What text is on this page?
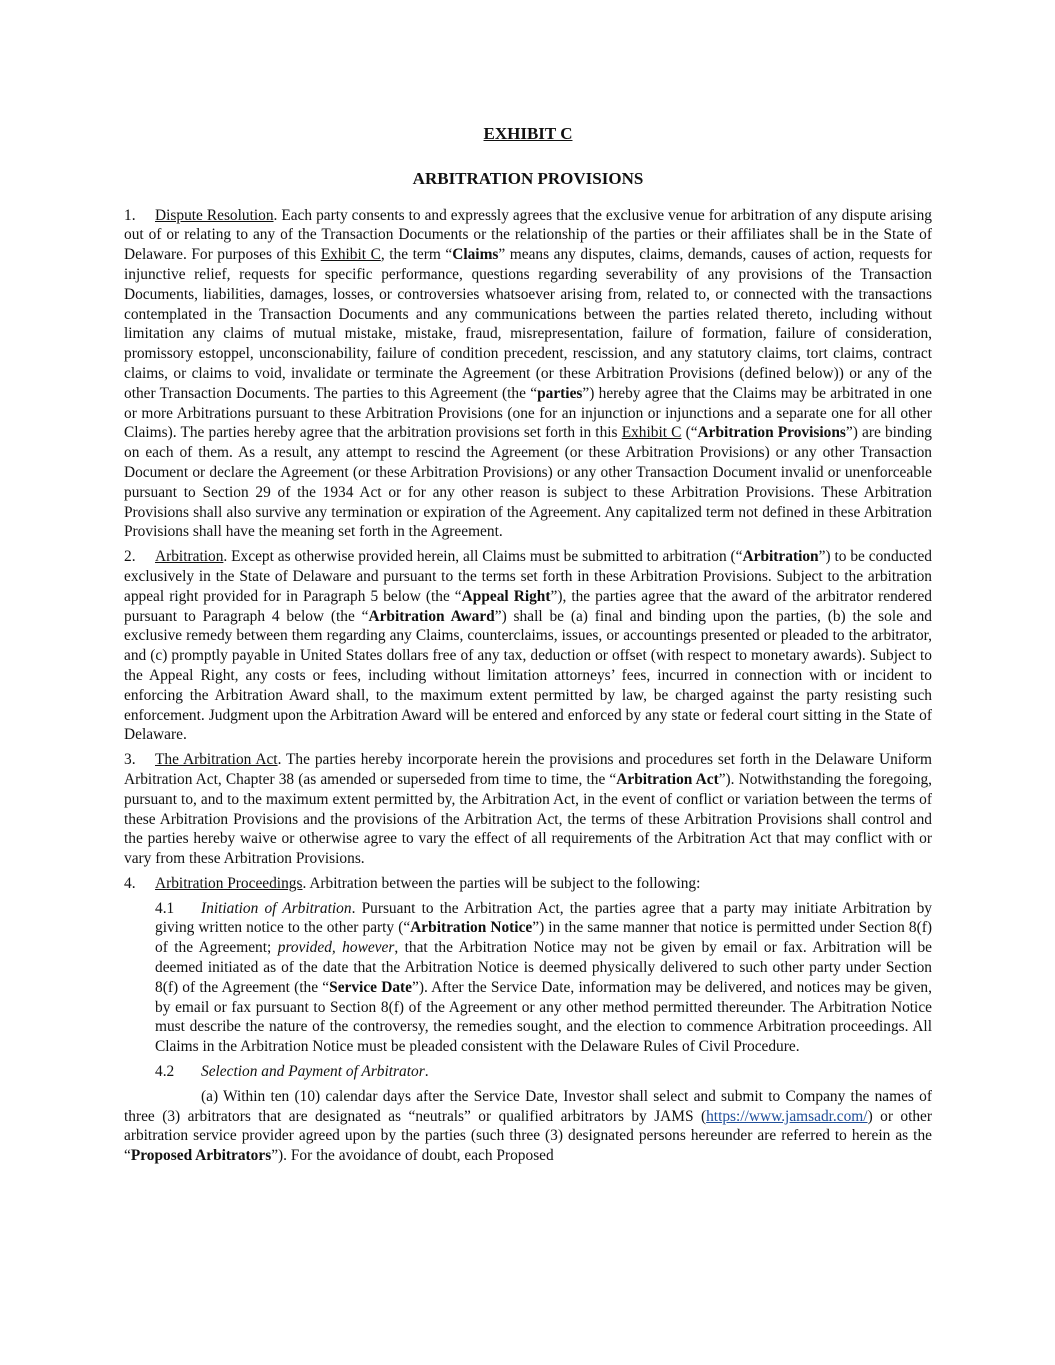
EXHIBIT C

ARBITRATION PROVISIONS

1. Dispute Resolution. Each party consents to and expressly agrees that the exclusive venue for arbitration of any dispute arising out of or relating to any of the Transaction Documents or the relationship of the parties or their affiliates shall be in the State of Delaware. For purposes of this Exhibit C, the term “Claims” means any disputes, claims, demands, causes of action, requests for injunctive relief, requests for specific performance, questions regarding severability of any provisions of the Transaction Documents, liabilities, damages, losses, or controversies whatsoever arising from, related to, or connected with the transactions contemplated in the Transaction Documents and any communications between the parties related thereto, including without limitation any claims of mutual mistake, mistake, fraud, misrepresentation, failure of formation, failure of consideration, promissory estoppel, unconscionability, failure of condition precedent, rescission, and any statutory claims, tort claims, contract claims, or claims to void, invalidate or terminate the Agreement (or these Arbitration Provisions (defined below)) or any of the other Transaction Documents. The parties to this Agreement (the “parties”) hereby agree that the Claims may be arbitrated in one or more Arbitrations pursuant to these Arbitration Provisions (one for an injunction or injunctions and a separate one for all other Claims). The parties hereby agree that the arbitration provisions set forth in this Exhibit C (“Arbitration Provisions”) are binding on each of them. As a result, any attempt to rescind the Agreement (or these Arbitration Provisions) or any other Transaction Document or declare the Agreement (or these Arbitration Provisions) or any other Transaction Document invalid or unenforceable pursuant to Section 29 of the 1934 Act or for any other reason is subject to these Arbitration Provisions. These Arbitration Provisions shall also survive any termination or expiration of the Agreement. Any capitalized term not defined in these Arbitration Provisions shall have the meaning set forth in the Agreement.

2. Arbitration. Except as otherwise provided herein, all Claims must be submitted to arbitration (“Arbitration”) to be conducted exclusively in the State of Delaware and pursuant to the terms set forth in these Arbitration Provisions. Subject to the arbitration appeal right provided for in Paragraph 5 below (the “Appeal Right”), the parties agree that the award of the arbitrator rendered pursuant to Paragraph 4 below (the “Arbitration Award”) shall be (a) final and binding upon the parties, (b) the sole and exclusive remedy between them regarding any Claims, counterclaims, issues, or accountings presented or pleaded to the arbitrator, and (c) promptly payable in United States dollars free of any tax, deduction or offset (with respect to monetary awards). Subject to the Appeal Right, any costs or fees, including without limitation attorneys’ fees, incurred in connection with or incident to enforcing the Arbitration Award shall, to the maximum extent permitted by law, be charged against the party resisting such enforcement. Judgment upon the Arbitration Award will be entered and enforced by any state or federal court sitting in the State of Delaware.

3. The Arbitration Act. The parties hereby incorporate herein the provisions and procedures set forth in the Delaware Uniform Arbitration Act, Chapter 38 (as amended or superseded from time to time, the “Arbitration Act”). Notwithstanding the foregoing, pursuant to, and to the maximum extent permitted by, the Arbitration Act, in the event of conflict or variation between the terms of these Arbitration Provisions and the provisions of the Arbitration Act, the terms of these Arbitration Provisions shall control and the parties hereby waive or otherwise agree to vary the effect of all requirements of the Arbitration Act that may conflict with or vary from these Arbitration Provisions.

4. Arbitration Proceedings. Arbitration between the parties will be subject to the following:

4.1 Initiation of Arbitration. Pursuant to the Arbitration Act, the parties agree that a party may initiate Arbitration by giving written notice to the other party (“Arbitration Notice”) in the same manner that notice is permitted under Section 8(f) of the Agreement; provided, however, that the Arbitration Notice may not be given by email or fax. Arbitration will be deemed initiated as of the date that the Arbitration Notice is deemed physically delivered to such other party under Section 8(f) of the Agreement (the “Service Date”). After the Service Date, information may be delivered, and notices may be given, by email or fax pursuant to Section 8(f) of the Agreement or any other method permitted thereunder. The Arbitration Notice must describe the nature of the controversy, the remedies sought, and the election to commence Arbitration proceedings. All Claims in the Arbitration Notice must be pleaded consistent with the Delaware Rules of Civil Procedure.

4.2 Selection and Payment of Arbitrator.

(a) Within ten (10) calendar days after the Service Date, Investor shall select and submit to Company the names of three (3) arbitrators that are designated as “neutrals” or qualified arbitrators by JAMS (https://www.jamsadr.com/) or other arbitration service provider agreed upon by the parties (such three (3) designated persons hereunder are referred to herein as the “Proposed Arbitrators”). For the avoidance of doubt, each Proposed
